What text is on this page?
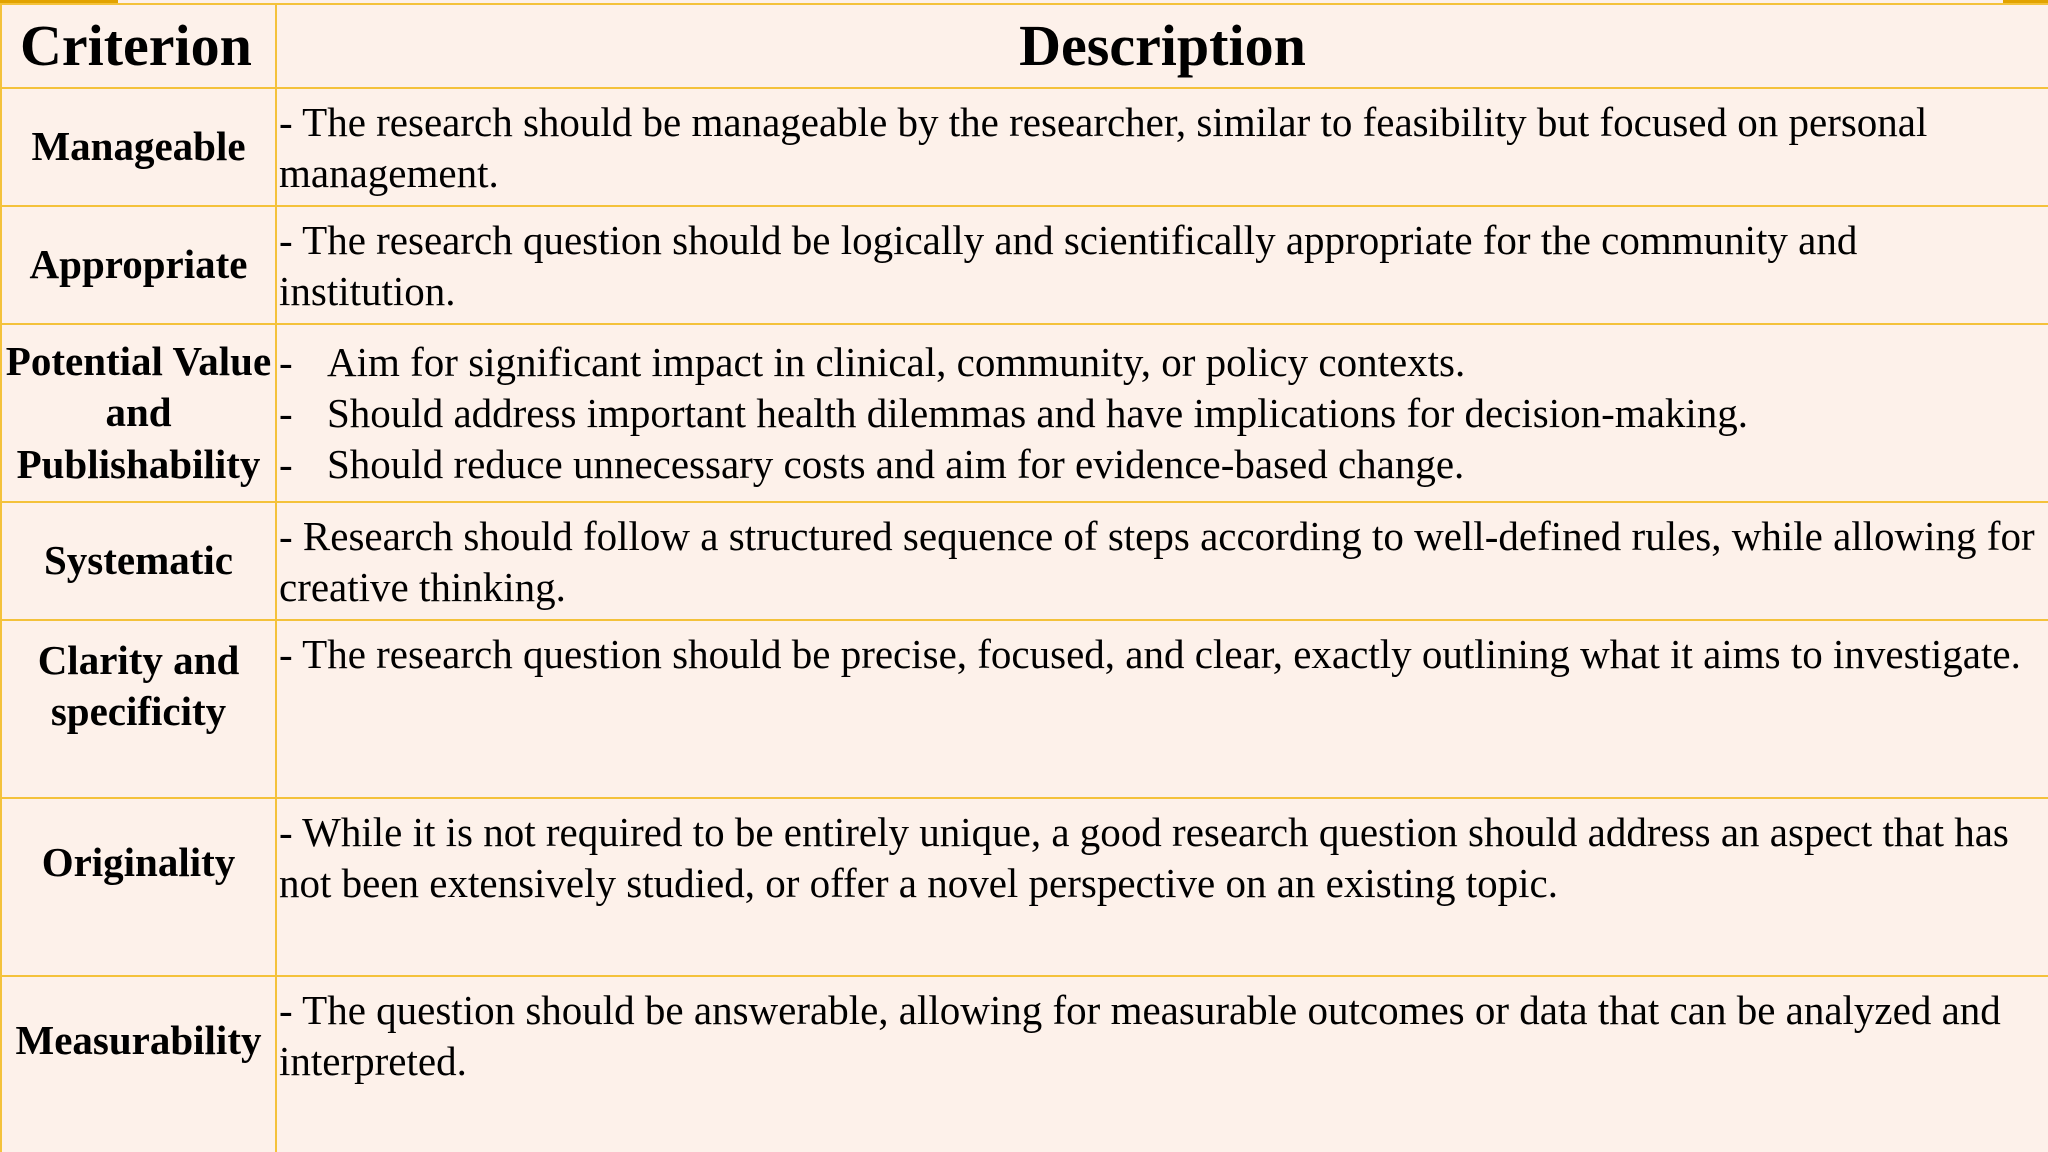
Criterion	Description
Manageable	- The research should be manageable by the researcher, similar to feasibility but focused on personal management.
Appropriate	- The research question should be logically and scientifically appropriate for the community and institution.
Potential Value and Publishability	- Aim for significant impact in clinical, community, or policy contexts.
- Should address important health dilemmas and have implications for decision-making.
- Should reduce unnecessary costs and aim for evidence-based change.

Systematic	- Research should follow a structured sequence of steps according to well-defined rules, while allowing for creative thinking.
Clarity and specificity	- The research question should be precise, focused, and clear, exactly outlining what it aims to investigate.
Originality	- While it is not required to be entirely unique, a good research question should address an aspect that has not been extensively studied, or offer a novel perspective on an existing topic.
Measurability	- The question should be answerable, allowing for measurable outcomes or data that can be analyzed and interpreted.
